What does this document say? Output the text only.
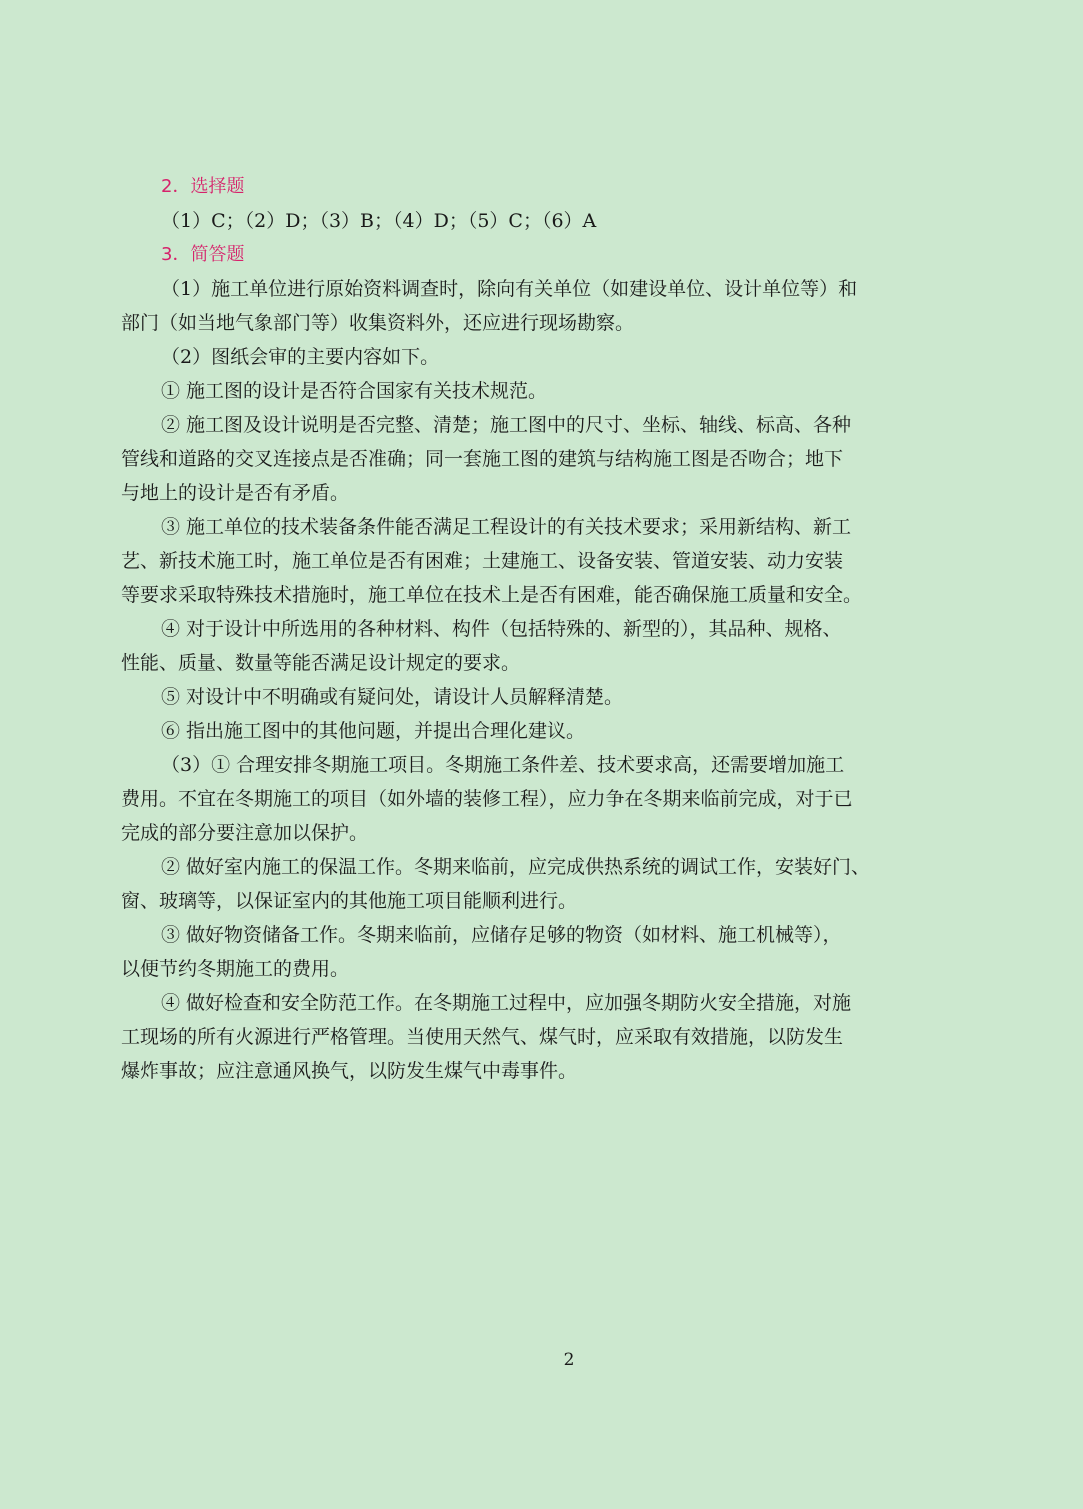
2．选择题
（1）C；（2）D；（3）B；（4）D；（5）C；（6）A
3．简答题
（1）施工单位进行原始资料调查时，除向有关单位（如建设单位、设计单位等）和
部门（如当地气象部门等）收集资料外，还应进行现场勘察。
（2）图纸会审的主要内容如下。
① 施工图的设计是否符合国家有关技术规范。
② 施工图及设计说明是否完整、清楚；施工图中的尺寸、坐标、轴线、标高、各种
管线和道路的交叉连接点是否准确；同一套施工图的建筑与结构施工图是否吻合；地下
与地上的设计是否有矛盾。
③ 施工单位的技术装备条件能否满足工程设计的有关技术要求；采用新结构、新工
艺、新技术施工时，施工单位是否有困难；土建施工、设备安装、管道安装、动力安装
等要求采取特殊技术措施时，施工单位在技术上是否有困难，能否确保施工质量和安全。
④ 对于设计中所选用的各种材料、构件（包括特殊的、新型的），其品种、规格、
性能、质量、数量等能否满足设计规定的要求。
⑤ 对设计中不明确或有疑问处，请设计人员解释清楚。
⑥ 指出施工图中的其他问题，并提出合理化建议。
（3）① 合理安排冬期施工项目。冬期施工条件差、技术要求高，还需要增加施工
费用。不宜在冬期施工的项目（如外墙的装修工程），应力争在冬期来临前完成，对于已
完成的部分要注意加以保护。
② 做好室内施工的保温工作。冬期来临前，应完成供热系统的调试工作，安装好门、
窗、玻璃等，以保证室内的其他施工项目能顺利进行。
③ 做好物资储备工作。冬期来临前，应储存足够的物资（如材料、施工机械等），
以便节约冬期施工的费用。
④ 做好检查和安全防范工作。在冬期施工过程中，应加强冬期防火安全措施，对施
工现场的所有火源进行严格管理。当使用天然气、煤气时，应采取有效措施，以防发生
爆炸事故；应注意通风换气，以防发生煤气中毒事件。
2
